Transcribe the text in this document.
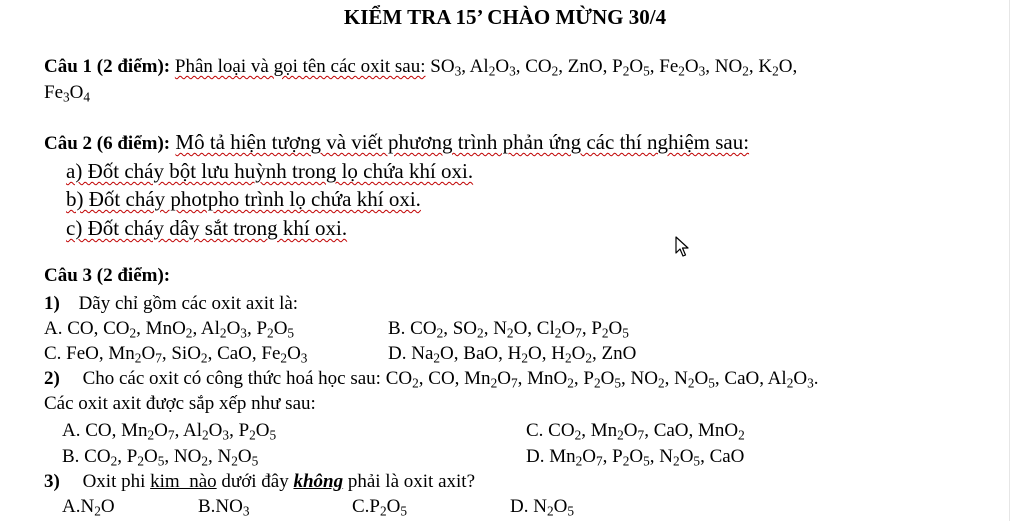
KIỂM TRA 15’ CHÀO MỪNG 30/4
Câu 1 (2 điểm): Phân loại và gọi tên các oxit sau: $SO_3$, $Al_2O_3$, $CO_2$, ZnO, $P_2O_5$, $Fe_2O_3$, $NO_2$, $K_2O$,
$Fe_3O_4$
Câu 2 (6 điểm): Mô tả hiện tượng và viết phương trình phản ứng các thí nghiệm sau:
a) Đốt cháy bột lưu huỳnh trong lọ chứa khí oxi.
b) Đốt cháy photpho trình lọ chứa khí oxi.
c) Đốt cháy dây sắt trong khí oxi.
Câu 3 (2 điểm):
1) Dãy chỉ gồm các oxit axit là:
A. CO, $CO_2$, MnO$_2$, $Al_2O_3$, $P_2O_5$	B. $CO_2$, $SO_2$, $N_2O$, $Cl_2O_7$, $P_2O_5$
C. FeO, $Mn_2O_7$, SiO$_2$, CaO, $Fe_2O_3$	D. $Na_2O$, BaO, $H_2O$, $H_2O_2$, ZnO
2) Cho các oxit có công thức hoá học sau: $CO_2$, CO, $Mn_2O_7$, MnO$_2$, $P_2O_5$, $NO_2$, $N_2O_5$, CaO, $Al_2O_3$.
Các oxit axit được sắp xếp như sau:
A. CO, $Mn_2O_7$, $Al_2O_3$, $P_2O_5$	C. $CO_2$, $Mn_2O_7$, CaO, MnO$_2$
B. $CO_2$, $P_2O_5$, $NO_2$, $N_2O_5$	D. $Mn_2O_7$, $P_2O_5$, $N_2O_5$, CaO
3) Oxit phi kim  nào dưới đây không phải là oxit axit?
$A.N_2O$	$B.NO_3$	$C.P_2O_5$	D. $N_2O_5$
